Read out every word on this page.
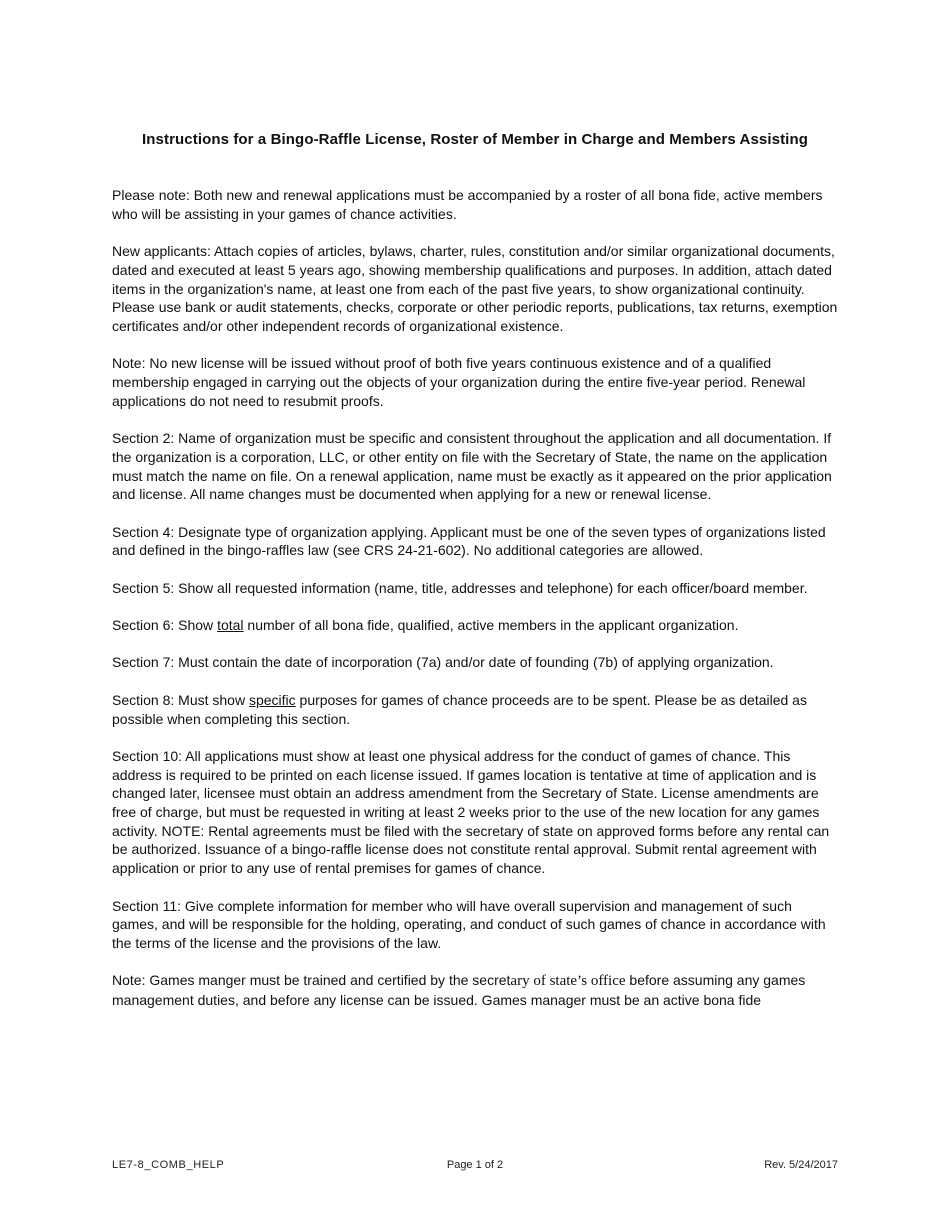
Instructions for a Bingo-Raffle License, Roster of Member in Charge and Members Assisting

Please note: Both new and renewal applications must be accompanied by a roster of all bona fide, active members who will be assisting in your games of chance activities.

New applicants: Attach copies of articles, bylaws, charter, rules, constitution and/or similar organizational documents, dated and executed at least 5 years ago, showing membership qualifications and purposes. In addition, attach dated items in the organization's name, at least one from each of the past five years, to show organizational continuity. Please use bank or audit statements, checks, corporate or other periodic reports, publications, tax returns, exemption certificates and/or other independent records of organizational existence.

Note: No new license will be issued without proof of both five years continuous existence and of a qualified membership engaged in carrying out the objects of your organization during the entire five-year period. Renewal applications do not need to resubmit proofs.

Section 2: Name of organization must be specific and consistent throughout the application and all documentation. If the organization is a corporation, LLC, or other entity on file with the Secretary of State, the name on the application must match the name on file. On a renewal application, name must be exactly as it appeared on the prior application and license. All name changes must be documented when applying for a new or renewal license.

Section 4: Designate type of organization applying. Applicant must be one of the seven types of organizations listed and defined in the bingo-raffles law (see CRS 24-21-602). No additional categories are allowed.

Section 5: Show all requested information (name, title, addresses and telephone) for each officer/board member.

Section 6: Show total number of all bona fide, qualified, active members in the applicant organization.

Section 7: Must contain the date of incorporation (7a) and/or date of founding (7b) of applying organization.

Section 8: Must show specific purposes for games of chance proceeds are to be spent. Please be as detailed as possible when completing this section.

Section 10: All applications must show at least one physical address for the conduct of games of chance. This address is required to be printed on each license issued. If games location is tentative at time of application and is changed later, licensee must obtain an address amendment from the Secretary of State. License amendments are free of charge, but must be requested in writing at least 2 weeks prior to the use of the new location for any games activity. NOTE: Rental agreements must be filed with the secretary of state on approved forms before any rental can be authorized. Issuance of a bingo-raffle license does not constitute rental approval. Submit rental agreement with application or prior to any use of rental premises for games of chance.

Section 11: Give complete information for member who will have overall supervision and management of such games, and will be responsible for the holding, operating, and conduct of such games of chance in accordance with the terms of the license and the provisions of the law.

Note: Games manger must be trained and certified by the secretary of state’s office before assuming any games management duties, and before any license can be issued. Games manager must be an active bona fide

LE7-8_COMB_HELP	Page 1 of 2	Rev. 5/24/2017
